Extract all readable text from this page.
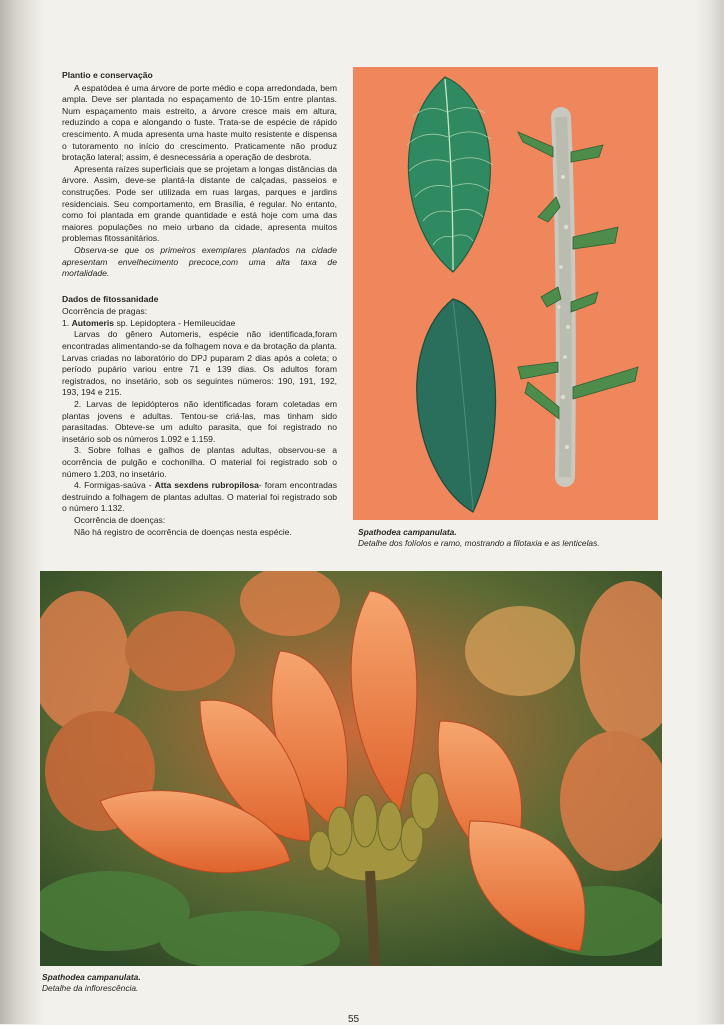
Plantio e conservação

A espatódea é uma árvore de porte médio e copa arredondada, bem ampla. Deve ser plantada no espaçamento de 10-15m entre plantas. Num espaçamento mais estreito, a árvore cresce mais em altura, reduzindo a copa e alongando o fuste. Trata-se de espécie de rápido crescimento. A muda apresenta uma haste muito resistente e dispensa o tutoramento no início do crescimento. Praticamente não produz brotação lateral; assim, é desnecessária a operação de desbrota.

Apresenta raízes superficiais que se projetam a longas distâncias da árvore. Assim, deve-se plantá-la distante de calçadas, passeios e construções. Pode ser utilizada em ruas largas, parques e jardins residenciais. Seu comportamento, em Brasília, é regular. No entanto, como foi plantada em grande quantidade e está hoje com uma das maiores populações no meio urbano da cidade, apresenta muitos problemas fitossanitários.

Observa-se que os primeiros exemplares plantados na cidade apresentam envelhecimento precoce,com uma alta taxa de mortalidade.

Dados de fitossanidade

Ocorrência de pragas:

1. Automeris sp. Lepidoptera - Hemileucidae

Larvas do gênero Automeris, espécie não identificada,foram encontradas alimentando-se da folhagem nova e da brotação da planta. Larvas criadas no laboratório do DPJ puparam 2 dias após a coleta; o período pupário variou entre 71 e 139 dias. Os adultos foram registrados, no insetário, sob os seguintes números: 190, 191, 192, 193, 194 e 215.

2. Larvas de lepidópteros não identificadas foram coletadas em plantas jovens e adultas. Tentou-se criá-las, mas tinham sido parasitadas. Obteve-se um adulto parasita, que foi registrado no insetário sob os números 1.092 e 1.159.

3. Sobre folhas e galhos de plantas adultas, observou-se a ocorrência de pulgão e cochonilha. O material foi registrado sob o número 1.203, no insetário.

4. Formigas-saúva - Atta sexdens rubropilosa- foram encontradas destruindo a folhagem de plantas adultas. O material foi registrado sob o número 1.132.

Ocorrência de doenças:

Não há registro de ocorrência de doenças nesta espécie.	Spathodea campanulata.
Detalhe dos folíolos e ramo, mostrando a filotaxia e as lenticelas.
Spathodea campanulata.
Detalhe da inflorescência.
55
